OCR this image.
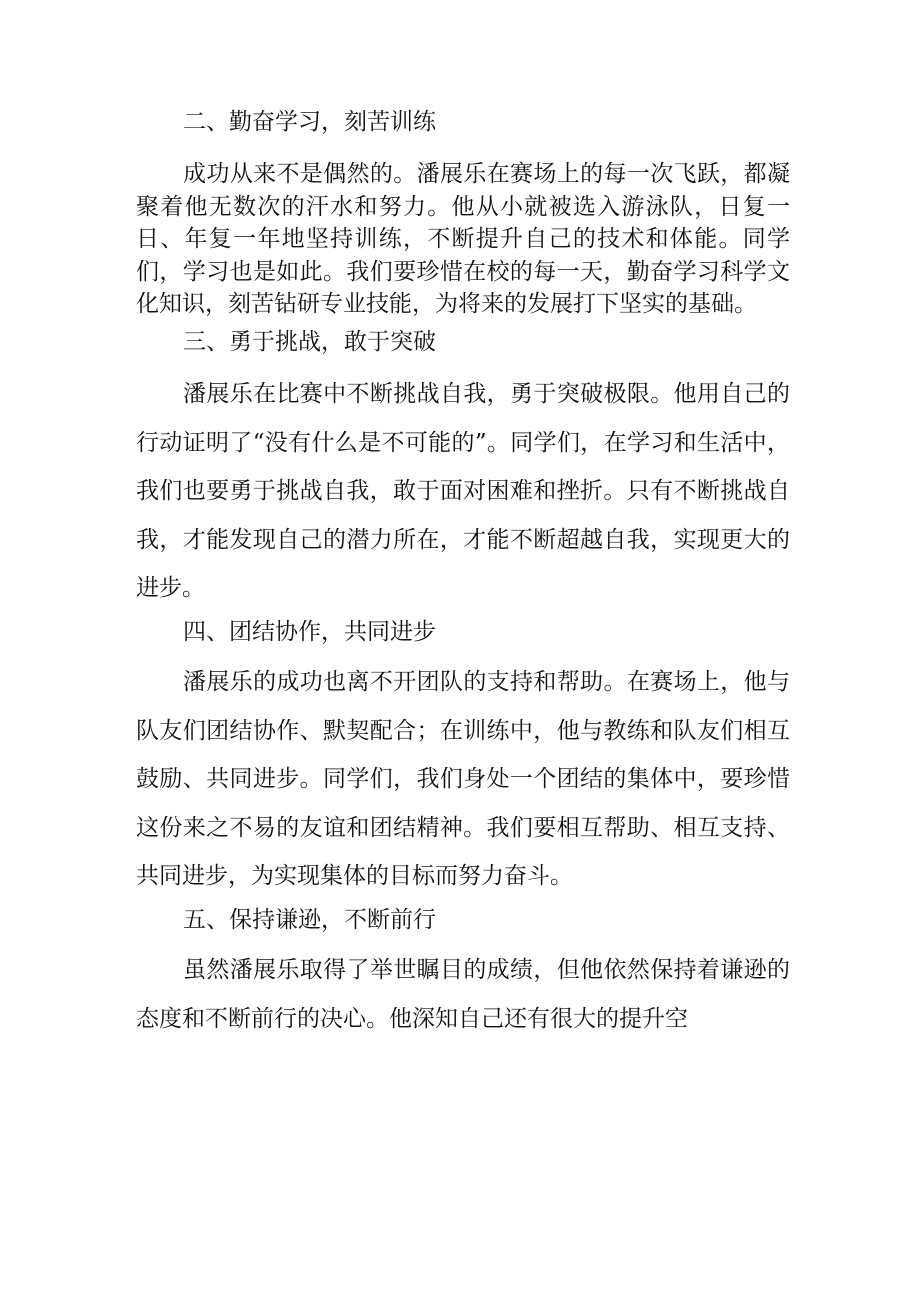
二、勤奋学习，刻苦训练
成功从来不是偶然的。潘展乐在赛场上的每一次飞跃，都凝聚着他无数次的汗水和努力。他从小就被选入游泳队，日复一日、年复一年地坚持训练，不断提升自己的技术和体能。同学们，学习也是如此。我们要珍惜在校的每一天，勤奋学习科学文化知识，刻苦钻研专业技能，为将来的发展打下坚实的基础。
三、勇于挑战，敢于突破
潘展乐在比赛中不断挑战自我，勇于突破极限。他用自己的行动证明了“没有什么是不可能的”。同学们，在学习和生活中，我们也要勇于挑战自我，敢于面对困难和挫折。只有不断挑战自我，才能发现自己的潜力所在，才能不断超越自我，实现更大的进步。
四、团结协作，共同进步
潘展乐的成功也离不开团队的支持和帮助。在赛场上，他与队友们团结协作、默契配合；在训练中，他与教练和队友们相互鼓励、共同进步。同学们，我们身处一个团结的集体中，要珍惜这份来之不易的友谊和团结精神。我们要相互帮助、相互支持、共同进步，为实现集体的目标而努力奋斗。
五、保持谦逊，不断前行
虽然潘展乐取得了举世瞩目的成绩，但他依然保持着谦逊的态度和不断前行的决心。他深知自己还有很大的提升空
